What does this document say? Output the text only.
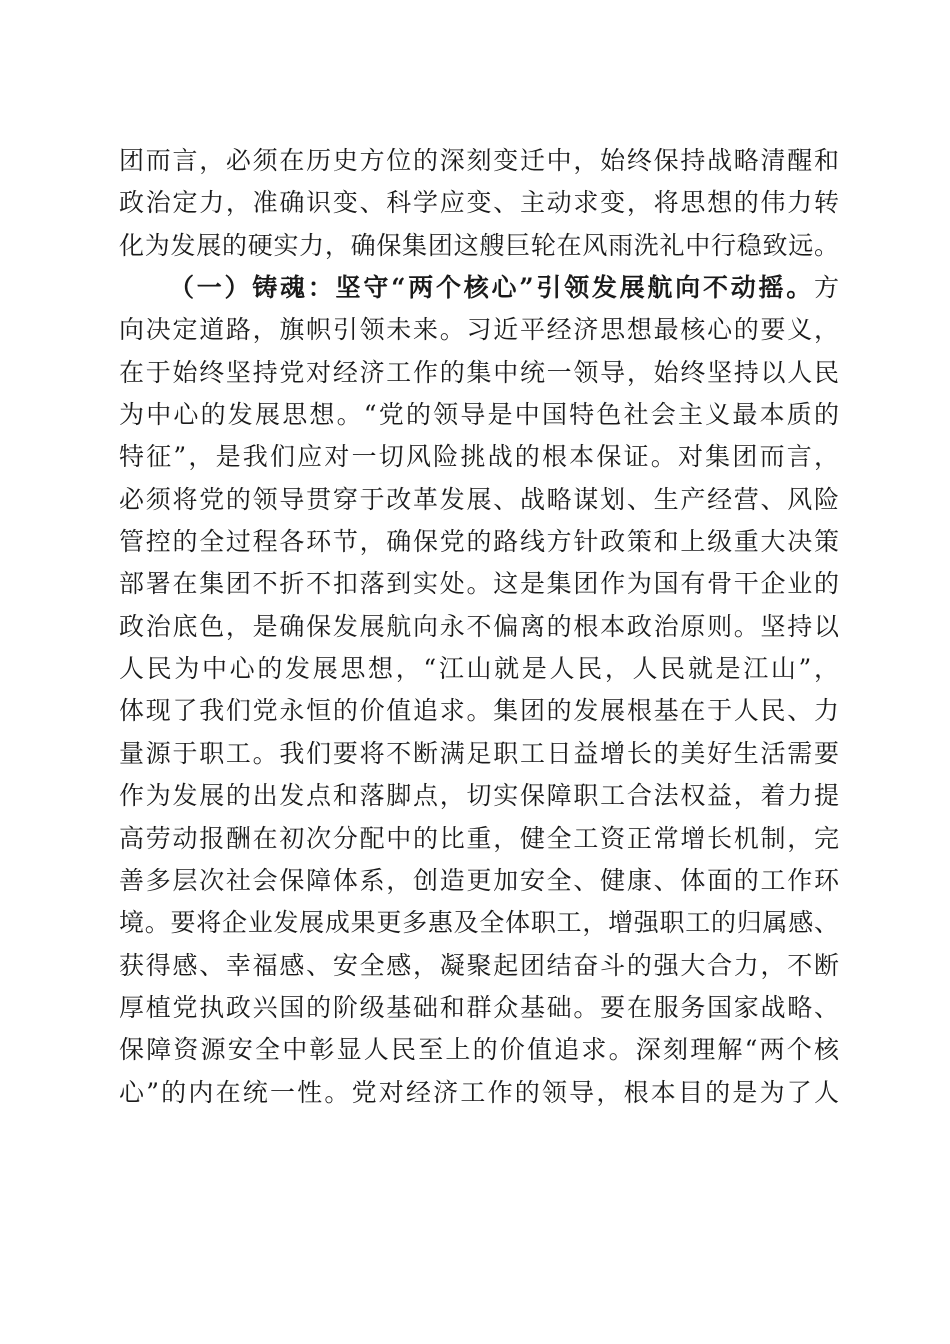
团而言，必须在历史方位的深刻变迁中，始终保持战略清醒和
政治定力，准确识变、科学应变、主动求变，将思想的伟力转
化为发展的硬实力，确保集团这艘巨轮在风雨洗礼中行稳致远。
（一）铸魂：坚守“两个核心”引领发展航向不动摇。方
向决定道路，旗帜引领未来。习近平经济思想最核心的要义，
在于始终坚持党对经济工作的集中统一领导，始终坚持以人民
为中心的发展思想。“党的领导是中国特色社会主义最本质的
特征”，是我们应对一切风险挑战的根本保证。对集团而言，
必须将党的领导贯穿于改革发展、战略谋划、生产经营、风险
管控的全过程各环节，确保党的路线方针政策和上级重大决策
部署在集团不折不扣落到实处。这是集团作为国有骨干企业的
政治底色，是确保发展航向永不偏离的根本政治原则。坚持以
人民为中心的发展思想，“江山就是人民，人民就是江山”，
体现了我们党永恒的价值追求。集团的发展根基在于人民、力
量源于职工。我们要将不断满足职工日益增长的美好生活需要
作为发展的出发点和落脚点，切实保障职工合法权益，着力提
高劳动报酬在初次分配中的比重，健全工资正常增长机制，完
善多层次社会保障体系，创造更加安全、健康、体面的工作环
境。要将企业发展成果更多惠及全体职工，增强职工的归属感、
获得感、幸福感、安全感，凝聚起团结奋斗的强大合力，不断
厚植党执政兴国的阶级基础和群众基础。要在服务国家战略、
保障资源安全中彰显人民至上的价值追求。深刻理解“两个核
心”的内在统一性。党对经济工作的领导，根本目的是为了人
